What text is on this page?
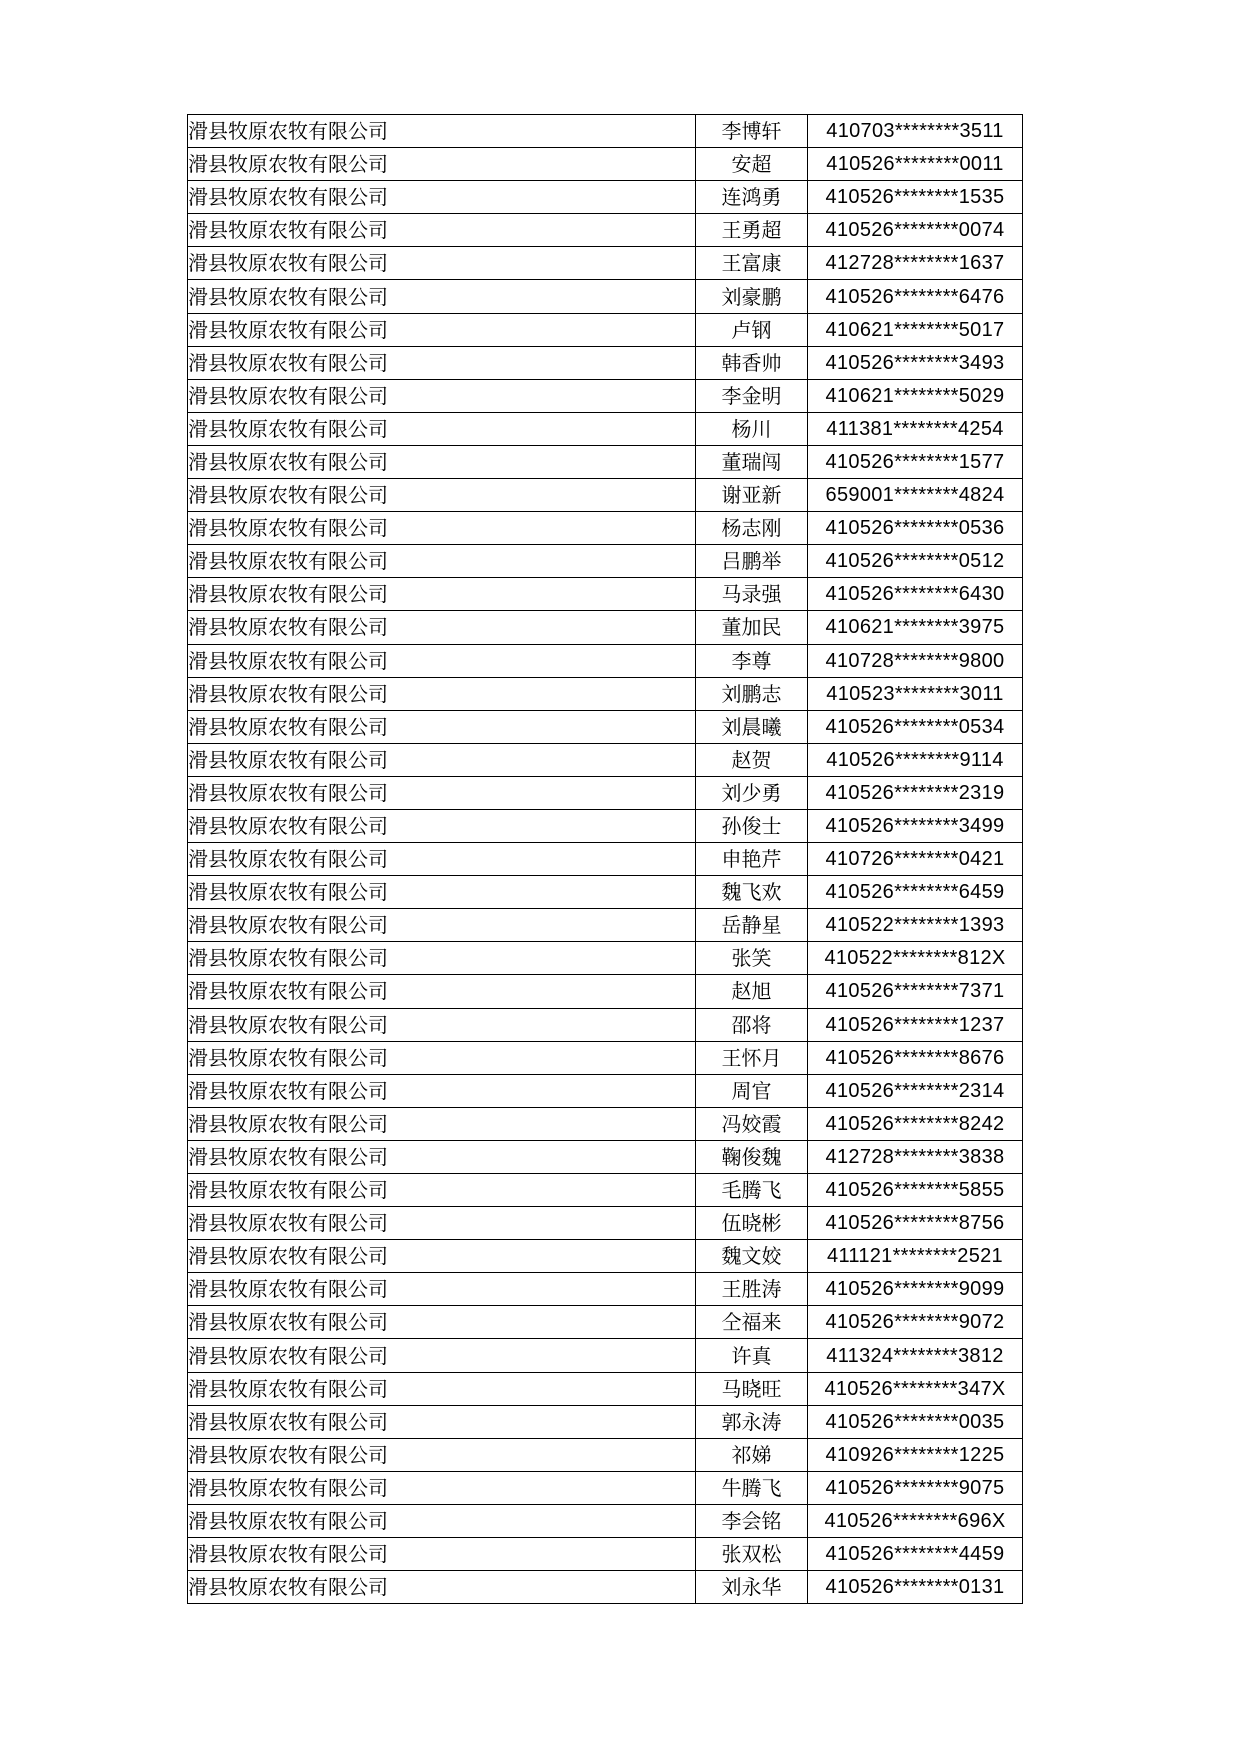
滑县牧原农牧有限公司	李博轩	410703********3511
滑县牧原农牧有限公司	安超	410526********0011
滑县牧原农牧有限公司	连鸿勇	410526********1535
滑县牧原农牧有限公司	王勇超	410526********0074
滑县牧原农牧有限公司	王富康	412728********1637
滑县牧原农牧有限公司	刘豪鹏	410526********6476
滑县牧原农牧有限公司	卢钢	410621********5017
滑县牧原农牧有限公司	韩香帅	410526********3493
滑县牧原农牧有限公司	李金明	410621********5029
滑县牧原农牧有限公司	杨川	411381********4254
滑县牧原农牧有限公司	董瑞闯	410526********1577
滑县牧原农牧有限公司	谢亚新	659001********4824
滑县牧原农牧有限公司	杨志刚	410526********0536
滑县牧原农牧有限公司	吕鹏举	410526********0512
滑县牧原农牧有限公司	马录强	410526********6430
滑县牧原农牧有限公司	董加民	410621********3975
滑县牧原农牧有限公司	李尊	410728********9800
滑县牧原农牧有限公司	刘鹏志	410523********3011
滑县牧原农牧有限公司	刘晨曦	410526********0534
滑县牧原农牧有限公司	赵贺	410526********9114
滑县牧原农牧有限公司	刘少勇	410526********2319
滑县牧原农牧有限公司	孙俊士	410526********3499
滑县牧原农牧有限公司	申艳芹	410726********0421
滑县牧原农牧有限公司	魏飞欢	410526********6459
滑县牧原农牧有限公司	岳静星	410522********1393
滑县牧原农牧有限公司	张笑	410522********812X
滑县牧原农牧有限公司	赵旭	410526********7371
滑县牧原农牧有限公司	邵将	410526********1237
滑县牧原农牧有限公司	王怀月	410526********8676
滑县牧原农牧有限公司	周官	410526********2314
滑县牧原农牧有限公司	冯姣霞	410526********8242
滑县牧原农牧有限公司	鞠俊魏	412728********3838
滑县牧原农牧有限公司	毛腾飞	410526********5855
滑县牧原农牧有限公司	伍晓彬	410526********8756
滑县牧原农牧有限公司	魏文姣	411121********2521
滑县牧原农牧有限公司	王胜涛	410526********9099
滑县牧原农牧有限公司	仝福来	410526********9072
滑县牧原农牧有限公司	许真	411324********3812
滑县牧原农牧有限公司	马晓旺	410526********347X
滑县牧原农牧有限公司	郭永涛	410526********0035
滑县牧原农牧有限公司	祁娣	410926********1225
滑县牧原农牧有限公司	牛腾飞	410526********9075
滑县牧原农牧有限公司	李会铭	410526********696X
滑县牧原农牧有限公司	张双松	410526********4459
滑县牧原农牧有限公司	刘永华	410526********0131
